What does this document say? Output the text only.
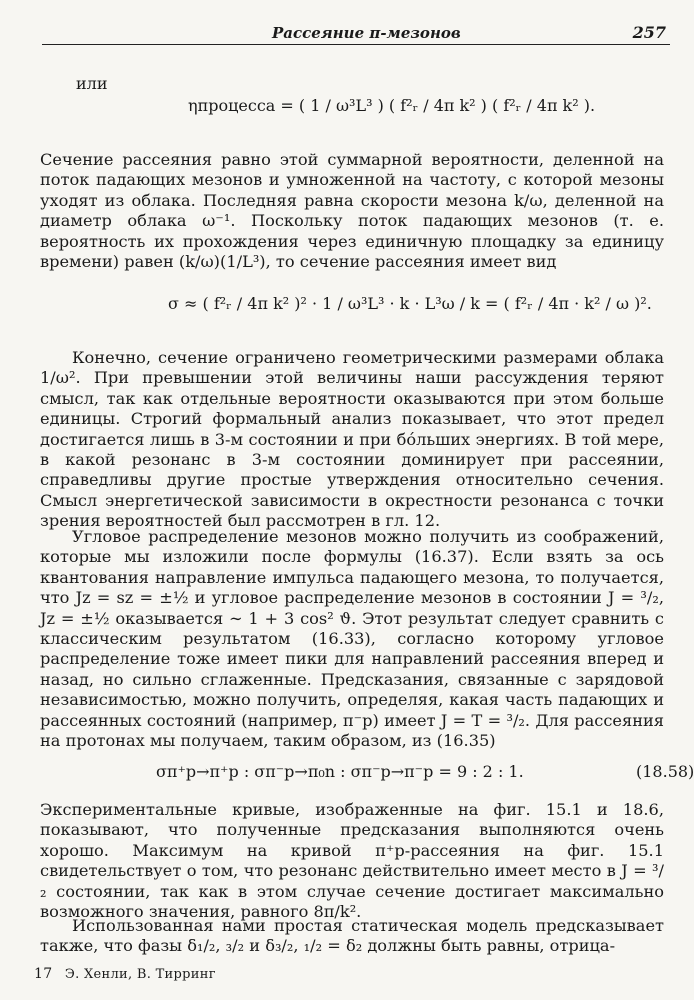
Рассеяние π-мезонов	257
или
ηпроцесса = ( 1 / ω³L³ ) ( f²ᵣ / 4π k² ) ( f²ᵣ / 4π k² ).
Сечение рассеяния равно этой суммарной вероятности, деленной на поток падающих мезонов и умноженной на частоту, с которой мезоны уходят из облака. Последняя равна скорости мезона k/ω, деленной на диаметр облака ω⁻¹. Поскольку поток падающих мезонов (т. е. вероятность их прохождения через единичную площадку за единицу времени) равен (k/ω)(1/L³), то сечение рассеяния имеет вид
σ ≈ ( f²ᵣ / 4π k² )² · 1 / ω³L³ · k · L³ω / k = ( f²ᵣ / 4π · k² / ω )².
Конечно, сечение ограничено геометрическими размерами облака 1/ω². При превышении этой величины наши рассуждения теряют смысл, так как отдельные вероятности оказываются при этом больше единицы. Строгий формальный анализ показывает, что этот предел достигается лишь в 3-м состоянии и при бо́льших энергиях. В той мере, в какой резонанс в 3-м состоянии доминирует при рассеянии, справедливы другие простые утверждения относительно сечения. Смысл энергетической зависимости в окрестности резонанса с точки зрения вероятностей был рассмотрен в гл. 12.
Угловое распределение мезонов можно получить из соображений, которые мы изложили после формулы (16.37). Если взять за ось квантования направление импульса падающего мезона, то получается, что Jz = sz = ±½ и угловое распределение мезонов в состоянии J = ³/₂, Jz = ±½ оказывается ∼ 1 + 3 cos² ϑ. Этот результат следует сравнить с классическим результатом (16.33), согласно которому угловое распределение тоже имеет пики для направлений рассеяния вперед и назад, но сильно сглаженные. Предсказания, связанные с зарядовой независимостью, можно получить, определяя, какая часть падающих и рассеянных состояний (например, π⁻p) имеет J = T = ³/₂. Для рассеяния на протонах мы получаем, таким образом, из (16.35)
σπ⁺p→π⁺p : σπ⁻p→π₀n : σπ⁻p→π⁻p = 9 : 2 : 1.	(18.58)
Экспериментальные кривые, изображенные на фиг. 15.1 и 18.6, показывают, что полученные предсказания выполняются очень хорошо. Максимум на кривой π⁺p-рассеяния на фиг. 15.1 свидетельствует о том, что резонанс действительно имеет место в J = ³/₂ состоянии, так как в этом случае сечение достигает максимально возможного значения, равного 8π/k².
Использованная нами простая статическая модель предсказывает также, что фазы δ₁/₂, ₃/₂ и δ₃/₂, ₁/₂ = δ₂ должны быть равны, отрица-
17 Э. Хенли, В. Тирринг
